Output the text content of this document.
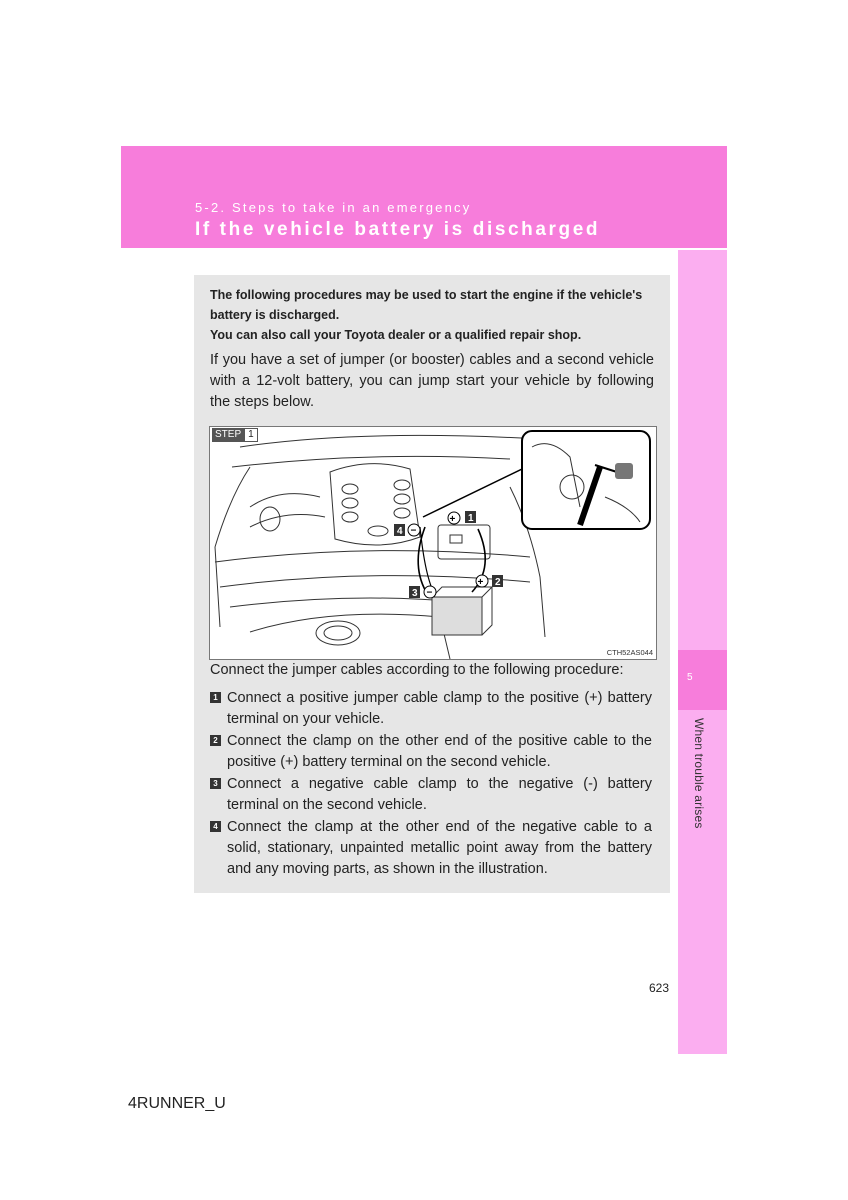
5-2. Steps to take in an emergency
If the vehicle battery is discharged
5
When trouble arises
The following procedures may be used to start the engine if the vehicle's battery is discharged.
You can also call your Toyota dealer or a qualified repair shop.
If you have a set of jumper (or booster) cables and a second vehicle with a 12-volt battery, you can jump start your vehicle by following the steps below.
STEP 1
+ 1
+ 2
3 −
4 −
CTH52AS044
Connect the jumper cables according to the following procedure:
1 Connect a positive jumper cable clamp to the positive (+) battery terminal on your vehicle.
2 Connect the clamp on the other end of the positive cable to the positive (+) battery terminal on the second vehicle.
3 Connect a negative cable clamp to the negative (-) battery terminal on the second vehicle.
4 Connect the clamp at the other end of the negative cable to a solid, stationary, unpainted metallic point away from the battery and any moving parts, as shown in the illustration.
623
4RUNNER_U
